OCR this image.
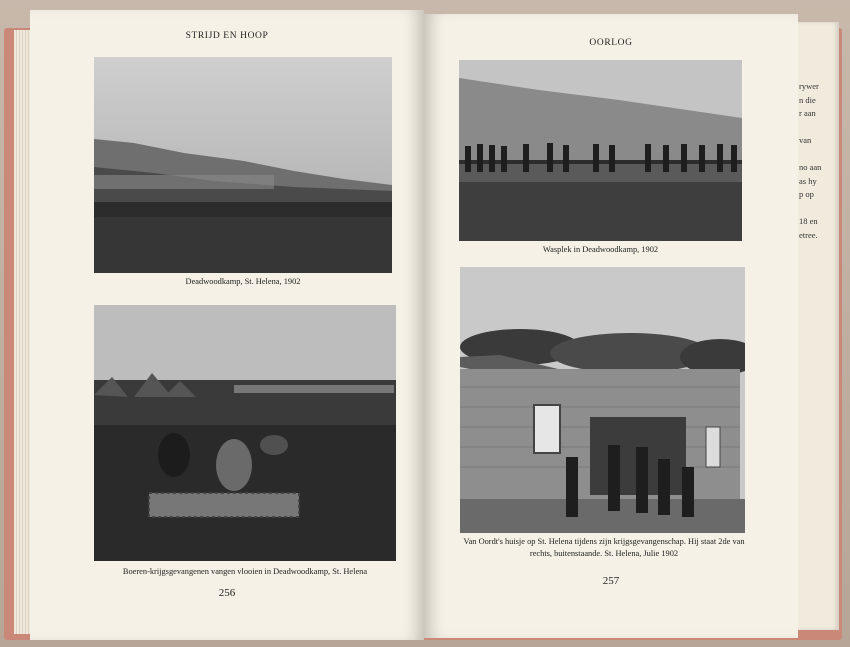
rywer
n die
r aan

van

no aan
as hy
p op

18 en
etree.
STRIJD EN HOOP
Deadwoodkamp, St. Helena, 1902
Boeren-krijgsgevangenen vangen vlooien in Deadwoodkamp, St. Helena
256
OORLOG
Wasplek in Deadwoodkamp, 1902
Van Oordt's huisje op St. Helena tijdens zijn krijgsgevangenschap. Hij staat 2de van
rechts, buitenstaande. St. Helena, Julie 1902
257
